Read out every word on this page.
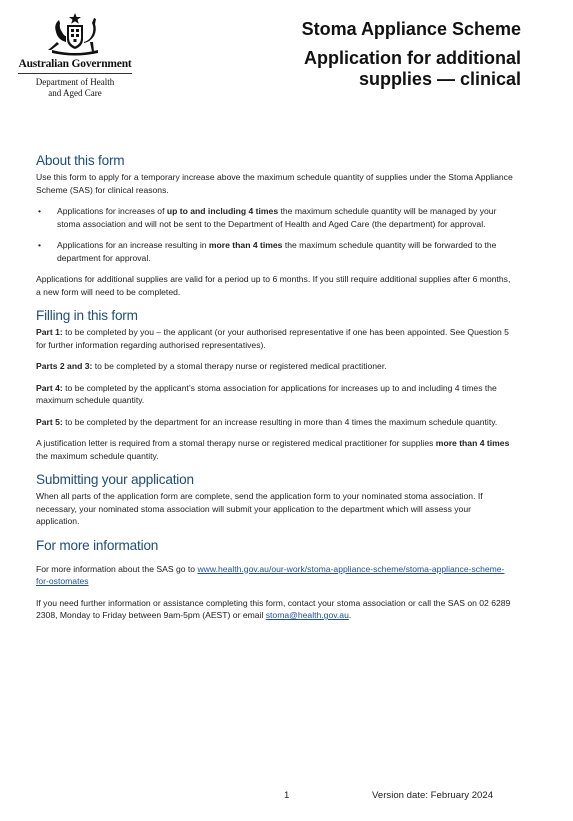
Australian Government
Department of Health
and Aged Care
Stoma Appliance Scheme
Application for additional
supplies — clinical
About this form

Use this form to apply for a temporary increase above the maximum schedule quantity of supplies under the Stoma Appliance Scheme (SAS) for clinical reasons.

• Applications for increases of up to and including 4 times the maximum schedule quantity will be managed by your stoma association and will not be sent to the Department of Health and Aged Care (the department) for approval.
• Applications for an increase resulting in more than 4 times the maximum schedule quantity will be forwarded to the department for approval.

Applications for additional supplies are valid for a period up to 6 months. If you still require additional supplies after 6 months, a new form will need to be completed.

Filling in this form

Part 1: to be completed by you – the applicant (or your authorised representative if one has been appointed. See Question 5 for further information regarding authorised representatives).

Parts 2 and 3: to be completed by a stomal therapy nurse or registered medical practitioner.

Part 4: to be completed by the applicant’s stoma association for applications for increases up to and including 4 times the maximum schedule quantity.

Part 5: to be completed by the department for an increase resulting in more than 4 times the maximum schedule quantity.

A justification letter is required from a stomal therapy nurse or registered medical practitioner for supplies more than 4 times the maximum schedule quantity.

Submitting your application

When all parts of the application form are complete, send the application form to your nominated stoma association. If necessary, your nominated stoma association will submit your application to the department which will assess your application.

For more information

For more information about the SAS go to www.health.gov.au/our-work/stoma-appliance-scheme/stoma-appliance-scheme-for-ostomates

If you need further information or assistance completing this form, contact your stoma association or call the SAS on 02 6289 2308, Monday to Friday between 9am-5pm (AEST) or email stoma@health.gov.au.

1	Version date: February 2024
